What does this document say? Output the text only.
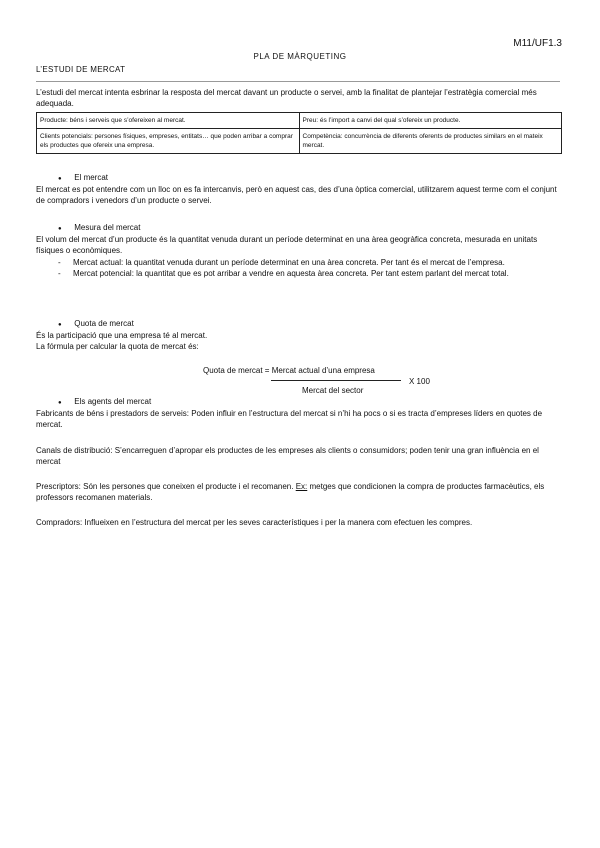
M11/UF1.3
PLA DE MÀRQUETING
L’ESTUDI DE MERCAT
L’estudi del mercat intenta esbrinar la resposta del mercat davant un producte o servei, amb la finalitat de plantejar l’estratègia comercial més adequada.
Producte: béns i serveis que s’ofereixen al mercat.	Preu: és l’import a canvi del qual s’ofereix un producte.
Clients potencials: persones físiques, empreses, entitats… que poden arribar a comprar els productes que ofereix una empresa.	Competència: concurrència de diferents oferents de productes similars en el mateix mercat.
● El mercat
El mercat es pot entendre com un lloc on es fa intercanvis, però en aquest cas, des d’una òptica comercial, utilitzarem aquest terme com el conjunt de compradors i venedors d’un producte o servei.
● Mesura del mercat
El volum del mercat d’un producte és la quantitat venuda durant un període determinat en una àrea geogràfica concreta, mesurada en unitats físiques o econòmiques.
-	Mercat actual: la quantitat venuda durant un període determinat en una àrea concreta. Per tant és el mercat de l’empresa.
-	Mercat potencial: la quantitat que es pot arribar a vendre en aquesta àrea concreta. Per tant estem parlant del mercat total.
● Quota de mercat
És la participació que una empresa té al mercat.
La fórmula per calcular la quota de mercat és:
Quota de mercat = Mercat actual d’una empresa
Mercat del sector
X 100
● Els agents del mercat
Fabricants de béns i prestadors de serveis: Poden influir en l’estructura del mercat si n’hi ha pocs o si es tracta d’empreses líders en quotes de mercat.
Canals de distribució: S’encarreguen d’apropar els productes de les empreses als clients o consumidors; poden tenir una gran influència en el mercat
Prescriptors: Són les persones que coneixen el producte i el recomanen. Ex: metges que condicionen la compra de productes farmacèutics, els professors recomanen materials.
Compradors: Influeixen en l’estructura del mercat per les seves característiques i per la manera com efectuen les compres.
